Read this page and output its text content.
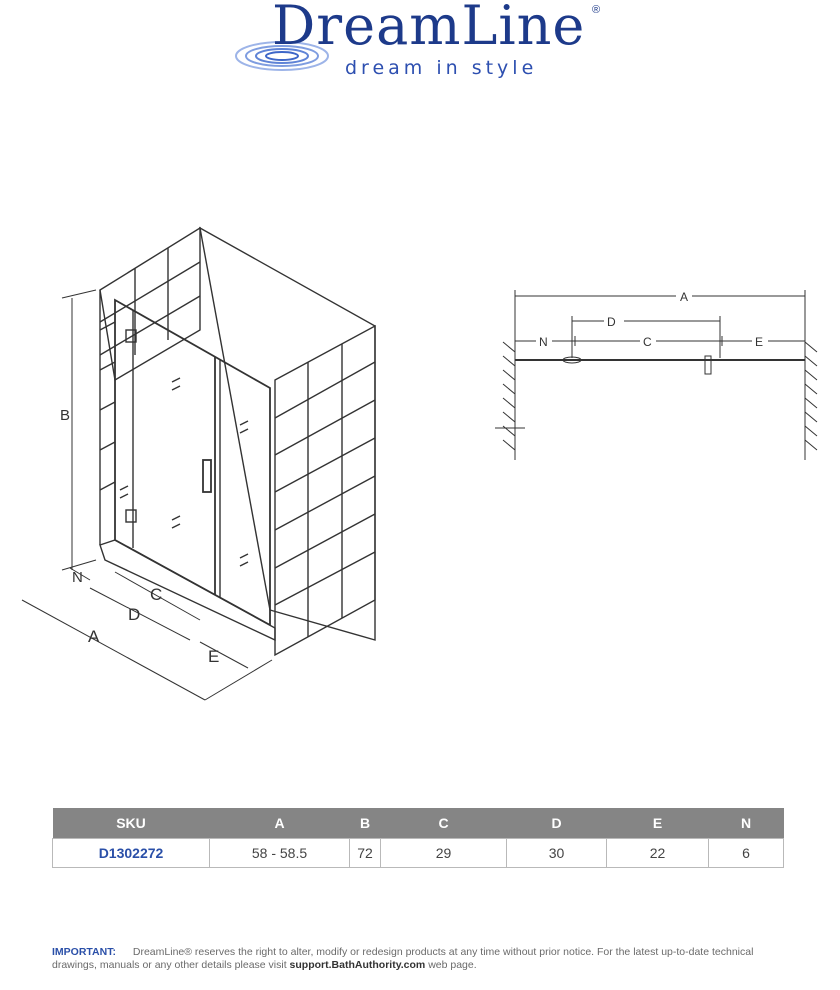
DreamLine ®
dream in style
B
C
D
A
E
N
A
D
N	C	E
SKU	A	B	C	D	E	N
D1302272	58 - 58.5	72	29	30	22	6
IMPORTANT: DreamLine® reserves the right to alter, modify or redesign products at any time without prior notice. For the latest up-to-date technical drawings, manuals or any other details please visit support.BathAuthority.com web page.
